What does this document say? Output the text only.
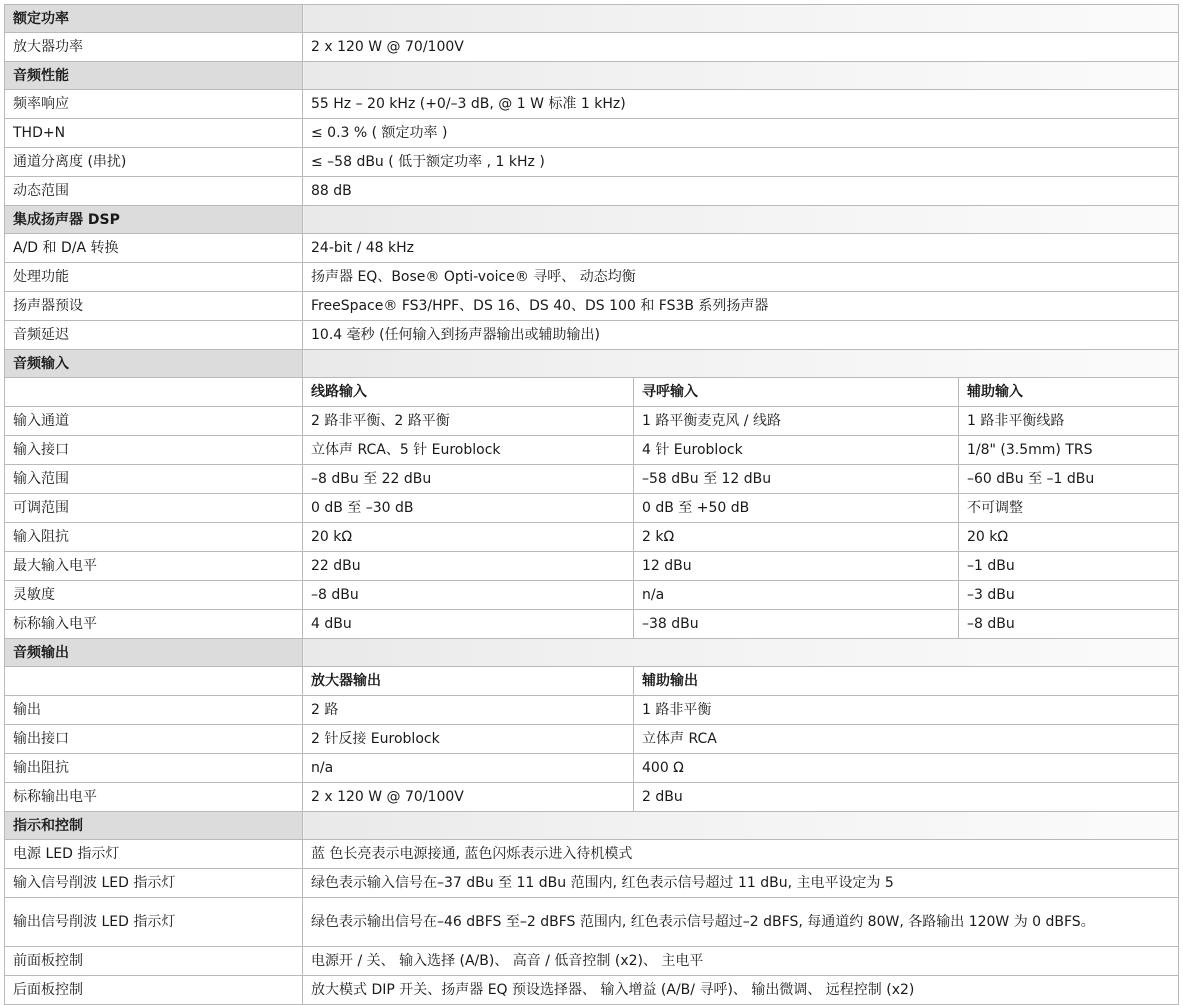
额定功率			
放大器功率	2 x 120 W @ 70/100V		
音频性能			
频率响应	55 Hz – 20 kHz (+0/–3 dB, @ 1 W 标准 1 kHz)		
THD+N	≤ 0.3 % ( 额定功率 )		
通道分离度 (串扰)	≤ –58 dBu ( 低于额定功率 , 1 kHz )		
动态范围	88 dB		
集成扬声器 DSP			
A/D 和 D/A 转换	24-bit / 48 kHz		
处理功能	扬声器 EQ、Bose® Opti-voice® 寻呼、 动态均衡		
扬声器预设	FreeSpace® FS3/HPF、DS 16、DS 40、DS 100 和 FS3B 系列扬声器		
音频延迟	10.4 毫秒 (任何输入到扬声器输出或辅助输出)		
音频输入			
	线路输入	寻呼输入	辅助输入
输入通道	2 路非平衡、2 路平衡	1 路平衡麦克风 / 线路	1 路非平衡线路
输入接口	立体声 RCA、5 针 Euroblock	4 针 Euroblock	1/8" (3.5mm) TRS
输入范围	–8 dBu 至 22 dBu	–58 dBu 至 12 dBu	–60 dBu 至 –1 dBu
可调范围	0 dB 至 –30 dB	0 dB 至 +50 dB	不可调整
输入阻抗	20 kΩ	2 kΩ	20 kΩ
最大输入电平	22 dBu	12 dBu	–1 dBu
灵敏度	–8 dBu	n/a	–3 dBu
标称输入电平	4 dBu	–38 dBu	–8 dBu
音频输出			
	放大器输出	辅助输出	
输出	2 路	1 路非平衡	
输出接口	2 针反接 Euroblock	立体声 RCA	
输出阻抗	n/a	400 Ω	
标称输出电平	2 x 120 W @ 70/100V	2 dBu	
指示和控制			
电源 LED 指示灯	蓝 色长亮表示电源接通, 蓝色闪烁表示进入待机模式		
输入信号削波 LED 指示灯	绿色表示输入信号在–37 dBu 至 11 dBu 范围内, 红色表示信号超过 11 dBu, 主电平设定为 5		
输出信号削波 LED 指示灯	绿色表示输出信号在–46 dBFS 至–2 dBFS 范围内, 红色表示信号超过–2 dBFS, 每通道约 80W, 各路输出 120W 为 0 dBFS。		
前面板控制	电源开 / 关、 输入选择 (A/B)、 高音 / 低音控制 (x2)、 主电平		
后面板控制	放大模式 DIP 开关、扬声器 EQ 预设选择器、 输入增益 (A/B/ 寻呼)、 输出微调、 远程控制 (x2)		
